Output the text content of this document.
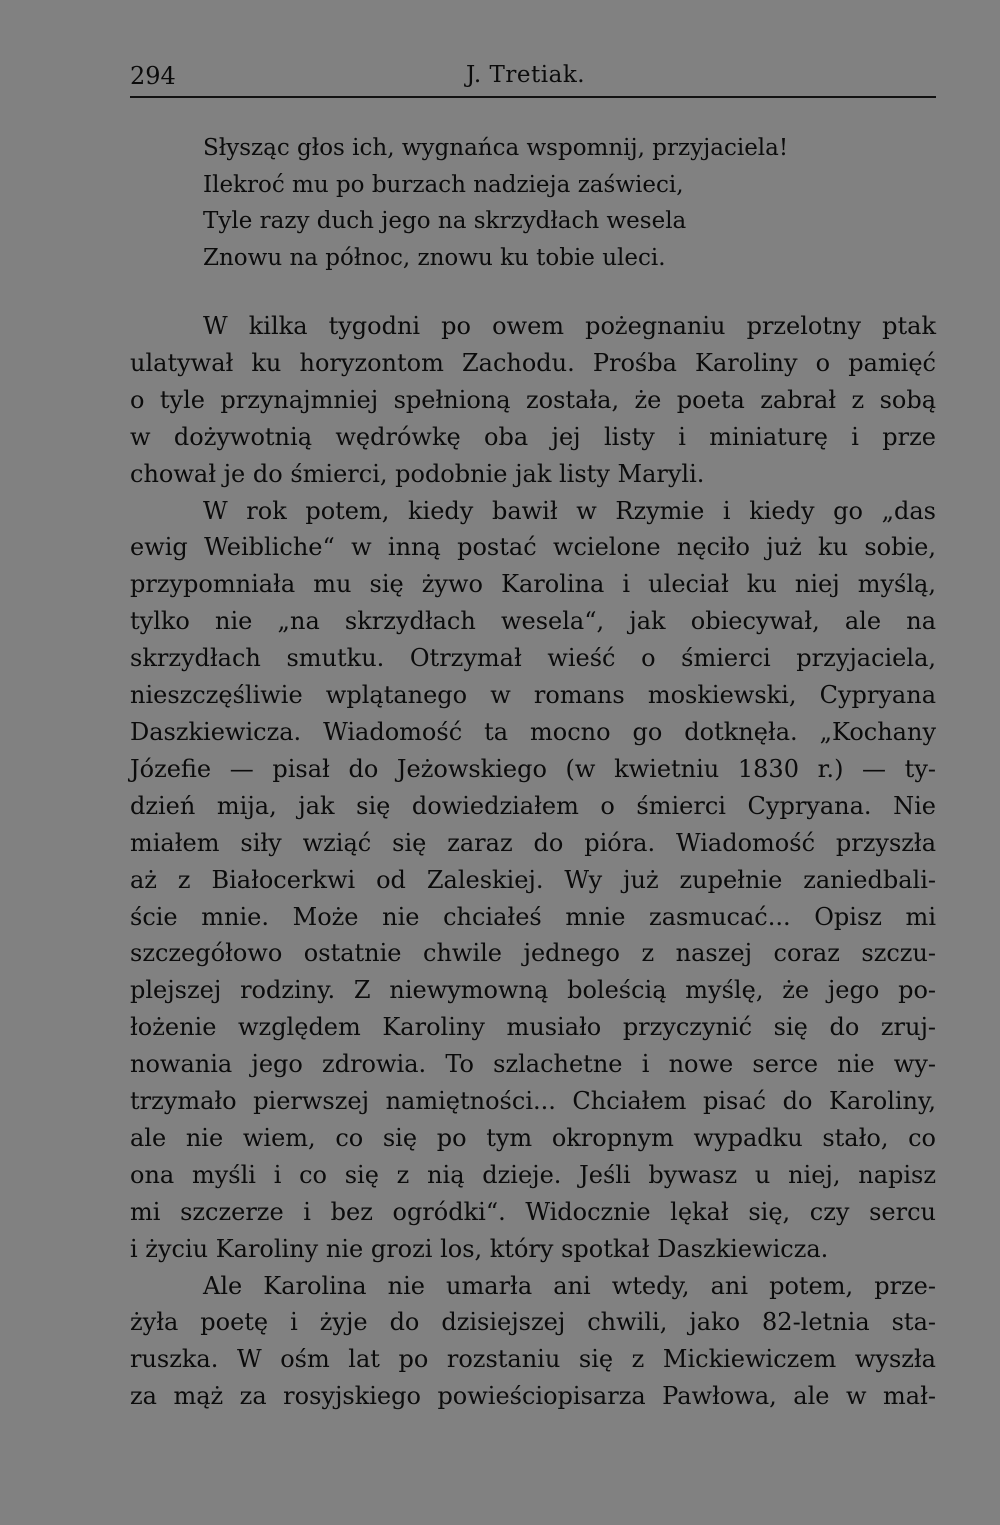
294	J. Tretiak.
Słysząc głos ich, wygnańca wspomnij, przyjaciela!
Ilekroć mu po burzach nadzieja zaświeci,
Tyle razy duch jego na skrzydłach wesela
Znowu na północ, znowu ku tobie uleci.
W kilka tygodni po owem pożegnaniu przelotny ptak
ulatywał ku horyzontom Zachodu. Prośba Karoliny o pamięć
o tyle przynajmniej spełnioną została, że poeta zabrał z sobą
w dożywotnią wędrówkę oba jej listy i miniaturę i prze
chował je do śmierci, podobnie jak listy Maryli.
W rok potem, kiedy bawił w Rzymie i kiedy go „das
ewig Weibliche“ w inną postać wcielone nęciło już ku sobie,
przypomniała mu się żywo Karolina i uleciał ku niej myślą,
tylko nie „na skrzydłach wesela“, jak obiecywał, ale na
skrzydłach smutku. Otrzymał wieść o śmierci przyjaciela,
nieszczęśliwie wplątanego w romans moskiewski, Cypryana
Daszkiewicza. Wiadomość ta mocno go dotknęła. „Kochany
Józefie — pisał do Jeżowskiego (w kwietniu 1830 r.) — ty-
dzień mija, jak się dowiedziałem o śmierci Cypryana. Nie
miałem siły wziąć się zaraz do pióra. Wiadomość przyszła
aż z Białocerkwi od Zaleskiej. Wy już zupełnie zaniedbali-
ście mnie. Może nie chciałeś mnie zasmucać... Opisz mi
szczegółowo ostatnie chwile jednego z naszej coraz szczu-
plejszej rodziny. Z niewymowną boleścią myślę, że jego po-
łożenie względem Karoliny musiało przyczynić się do zruj-
nowania jego zdrowia. To szlachetne i nowe serce nie wy-
trzymało pierwszej namiętności... Chciałem pisać do Karoliny,
ale nie wiem, co się po tym okropnym wypadku stało, co
ona myśli i co się z nią dzieje. Jeśli bywasz u niej, napisz
mi szczerze i bez ogródki“. Widocznie lękał się, czy sercu
i życiu Karoliny nie grozi los, który spotkał Daszkiewicza.
Ale Karolina nie umarła ani wtedy, ani potem, prze-
żyła poetę i żyje do dzisiejszej chwili, jako 82-letnia sta-
ruszka. W ośm lat po rozstaniu się z Mickiewiczem wyszła
za mąż za rosyjskiego powieściopisarza Pawłowa, ale w mał-
